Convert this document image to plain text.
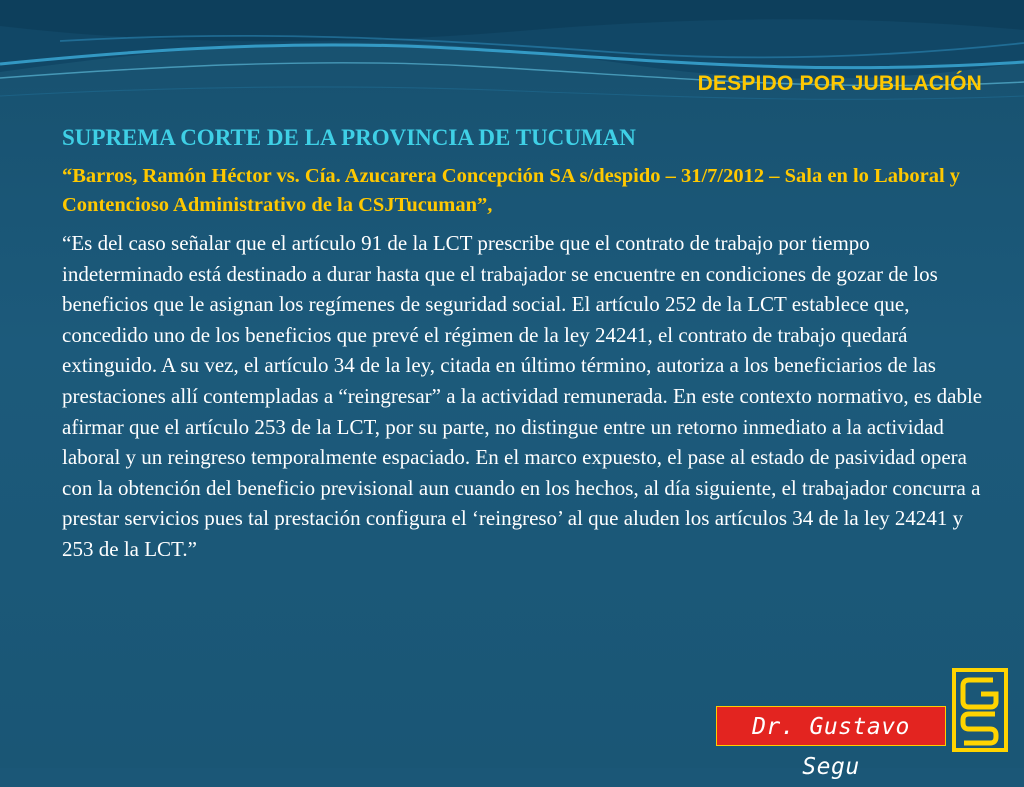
DESPIDO POR JUBILACIÓN
SUPREMA CORTE DE LA PROVINCIA DE TUCUMAN

“Barros, Ramón Héctor vs. Cía. Azucarera Concepción SA s/despido – 31/7/2012 – Sala en lo Laboral y Contencioso Administrativo de la CSJTucuman”,

“Es del caso señalar que el artículo 91 de la LCT prescribe que el contrato de trabajo por tiempo indeterminado está destinado a durar hasta que el trabajador se encuentre en condiciones de gozar de los beneficios que le asignan los regímenes de seguridad social. El artículo 252 de la LCT establece que, concedido uno de los beneficios que prevé el régimen de la ley 24241, el contrato de trabajo quedará extinguido. A su vez, el artículo 34 de la ley, citada en último término, autoriza a los beneficiarios de las prestaciones allí contempladas a “reingresar” a la actividad remunerada. En este contexto normativo, es dable afirmar que el artículo 253 de la LCT, por su parte, no distingue entre un retorno inmediato a la actividad laboral y un reingreso temporalmente espaciado. En el marco expuesto, el pase al estado de pasividad opera con la obtención del beneficio previsional aun cuando en los hechos, al día siguiente, el trabajador concurra a prestar servicios pues tal prestación configura el ‘reingreso’ al que aluden los artículos 34 de la ley 24241 y 253 de la LCT.”

Dr. Gustavo Segu
